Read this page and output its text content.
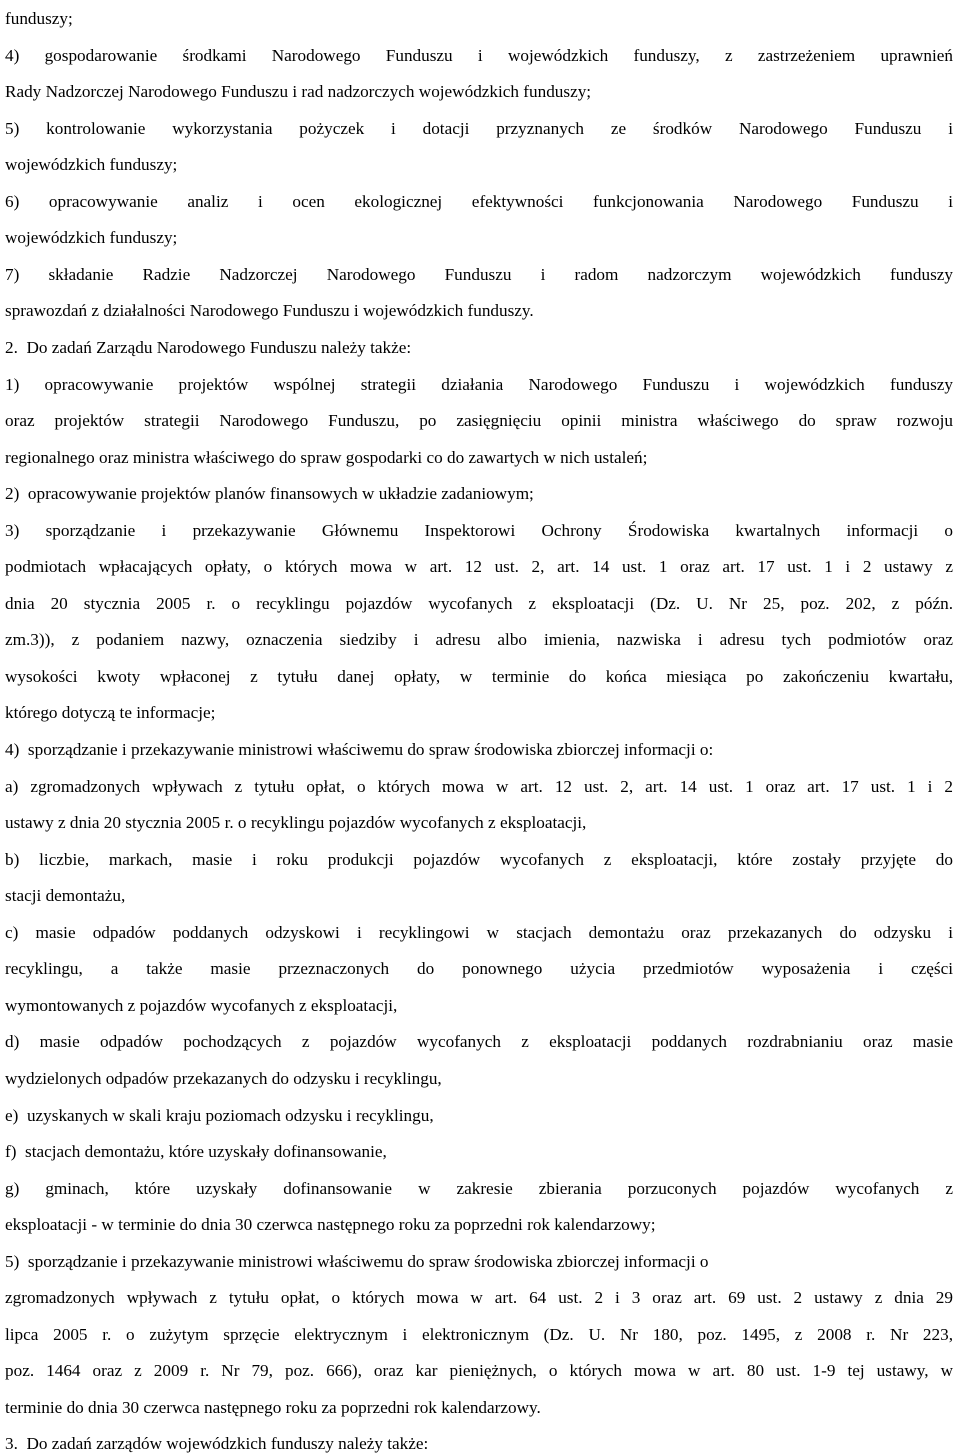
funduszy;

4) gospodarowanie środkami Narodowego Funduszu i wojewódzkich funduszy, z zastrzeżeniem uprawnień

Rady Nadzorczej Narodowego Funduszu i rad nadzorczych wojewódzkich funduszy;

5) kontrolowanie wykorzystania pożyczek i dotacji przyznanych ze środków Narodowego Funduszu i

wojewódzkich funduszy;

6) opracowywanie analiz i ocen ekologicznej efektywności funkcjonowania Narodowego Funduszu i

wojewódzkich funduszy;

7) składanie Radzie Nadzorczej Narodowego Funduszu i radom nadzorczym wojewódzkich funduszy

sprawozdań z działalności Narodowego Funduszu i wojewódzkich funduszy.

2.  Do zadań Zarządu Narodowego Funduszu należy także:

1) opracowywanie projektów wspólnej strategii działania Narodowego Funduszu i wojewódzkich funduszy

oraz projektów strategii Narodowego Funduszu, po zasięgnięciu opinii ministra właściwego do spraw rozwoju

regionalnego oraz ministra właściwego do spraw gospodarki co do zawartych w nich ustaleń;

2)  opracowywanie projektów planów finansowych w układzie zadaniowym;

3) sporządzanie i przekazywanie Głównemu Inspektorowi Ochrony Środowiska kwartalnych informacji o

podmiotach wpłacających opłaty, o których mowa w art. 12 ust. 2, art. 14 ust. 1 oraz art. 17 ust. 1 i 2 ustawy z

dnia 20 stycznia 2005 r. o recyklingu pojazdów wycofanych z eksploatacji (Dz. U. Nr 25, poz. 202, z późn.

zm.3)), z podaniem nazwy, oznaczenia siedziby i adresu albo imienia, nazwiska i adresu tych podmiotów oraz

wysokości kwoty wpłaconej z tytułu danej opłaty, w terminie do końca miesiąca po zakończeniu kwartału,

którego dotyczą te informacje;

4)  sporządzanie i przekazywanie ministrowi właściwemu do spraw środowiska zbiorczej informacji o:

a) zgromadzonych wpływach z tytułu opłat, o których mowa w art. 12 ust. 2, art. 14 ust. 1 oraz art. 17 ust. 1 i 2

ustawy z dnia 20 stycznia 2005 r. o recyklingu pojazdów wycofanych z eksploatacji,

b) liczbie, markach, masie i roku produkcji pojazdów wycofanych z eksploatacji, które zostały przyjęte do

stacji demontażu,

c) masie odpadów poddanych odzyskowi i recyklingowi w stacjach demontażu oraz przekazanych do odzysku i

recyklingu, a także masie przeznaczonych do ponownego użycia przedmiotów wyposażenia i części

wymontowanych z pojazdów wycofanych z eksploatacji,

d) masie odpadów pochodzących z pojazdów wycofanych z eksploatacji poddanych rozdrabnianiu oraz masie

wydzielonych odpadów przekazanych do odzysku i recyklingu,

e)  uzyskanych w skali kraju poziomach odzysku i recyklingu,

f)  stacjach demontażu, które uzyskały dofinansowanie,

g) gminach, które uzyskały dofinansowanie w zakresie zbierania porzuconych pojazdów wycofanych z

eksploatacji - w terminie do dnia 30 czerwca następnego roku za poprzedni rok kalendarzowy;

5)  sporządzanie i przekazywanie ministrowi właściwemu do spraw środowiska zbiorczej informacji o

zgromadzonych wpływach z tytułu opłat, o których mowa w art. 64 ust. 2 i 3 oraz art. 69 ust. 2 ustawy z dnia 29

lipca 2005 r. o zużytym sprzęcie elektrycznym i elektronicznym (Dz. U. Nr 180, poz. 1495, z 2008 r. Nr 223,

poz. 1464 oraz z 2009 r. Nr 79, poz. 666), oraz kar pieniężnych, o których mowa w art. 80 ust. 1-9 tej ustawy, w

terminie do dnia 30 czerwca następnego roku za poprzedni rok kalendarzowy.

3.  Do zadań zarządów wojewódzkich funduszy należy także:
